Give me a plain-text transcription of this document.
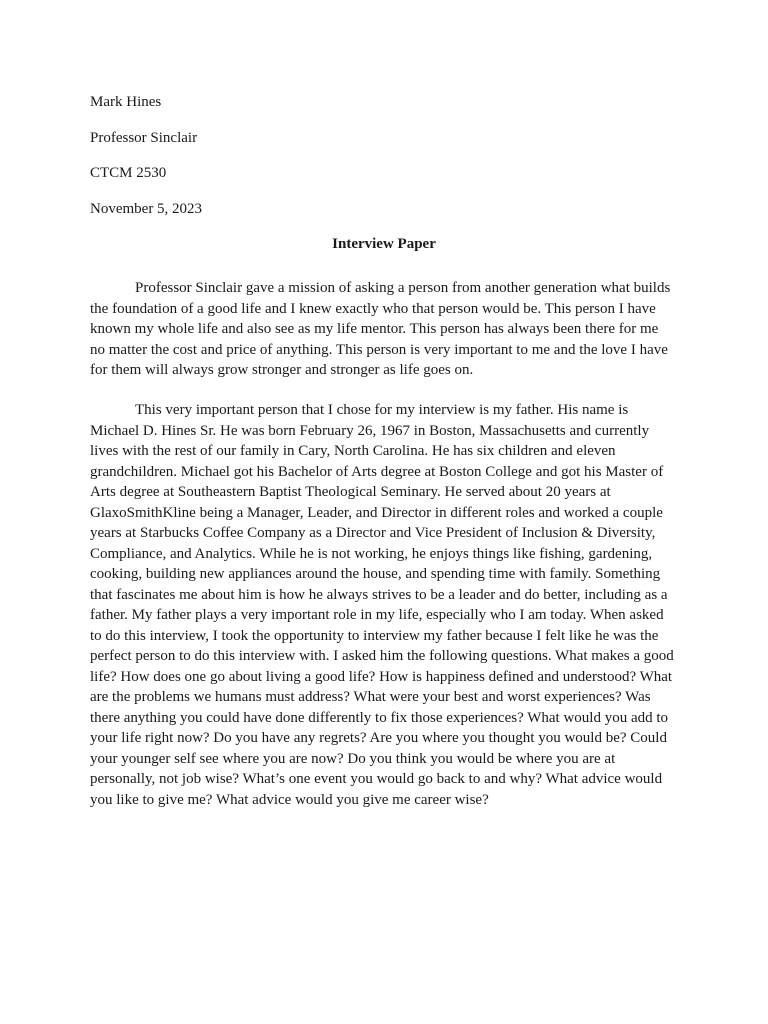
Mark Hines
Professor Sinclair
CTCM 2530
November 5, 2023
Interview Paper
Professor Sinclair gave a mission of asking a person from another generation what builds
the foundation of a good life and I knew exactly who that person would be. This person I have
known my whole life and also see as my life mentor. This person has always been there for me
no matter the cost and price of anything. This person is very important to me and the love I have
for them will always grow stronger and stronger as life goes on.
This very important person that I chose for my interview is my father. His name is
Michael D. Hines Sr. He was born February 26, 1967 in Boston, Massachusetts and currently
lives with the rest of our family in Cary, North Carolina. He has six children and eleven
grandchildren. Michael got his Bachelor of Arts degree at Boston College and got his Master of
Arts degree at Southeastern Baptist Theological Seminary. He served about 20 years at
GlaxoSmithKline being a Manager, Leader, and Director in different roles and worked a couple
years at Starbucks Coffee Company as a Director and Vice President of Inclusion & Diversity,
Compliance, and Analytics. While he is not working, he enjoys things like fishing, gardening,
cooking, building new appliances around the house, and spending time with family. Something
that fascinates me about him is how he always strives to be a leader and do better, including as a
father. My father plays a very important role in my life, especially who I am today. When asked
to do this interview, I took the opportunity to interview my father because I felt like he was the
perfect person to do this interview with. I asked him the following questions. What makes a good
life? How does one go about living a good life? How is happiness defined and understood? What
are the problems we humans must address? What were your best and worst experiences? Was
there anything you could have done differently to fix those experiences? What would you add to
your life right now? Do you have any regrets? Are you where you thought you would be? Could
your younger self see where you are now? Do you think you would be where you are at
personally, not job wise? What’s one event you would go back to and why? What advice would
you like to give me? What advice would you give me career wise?
